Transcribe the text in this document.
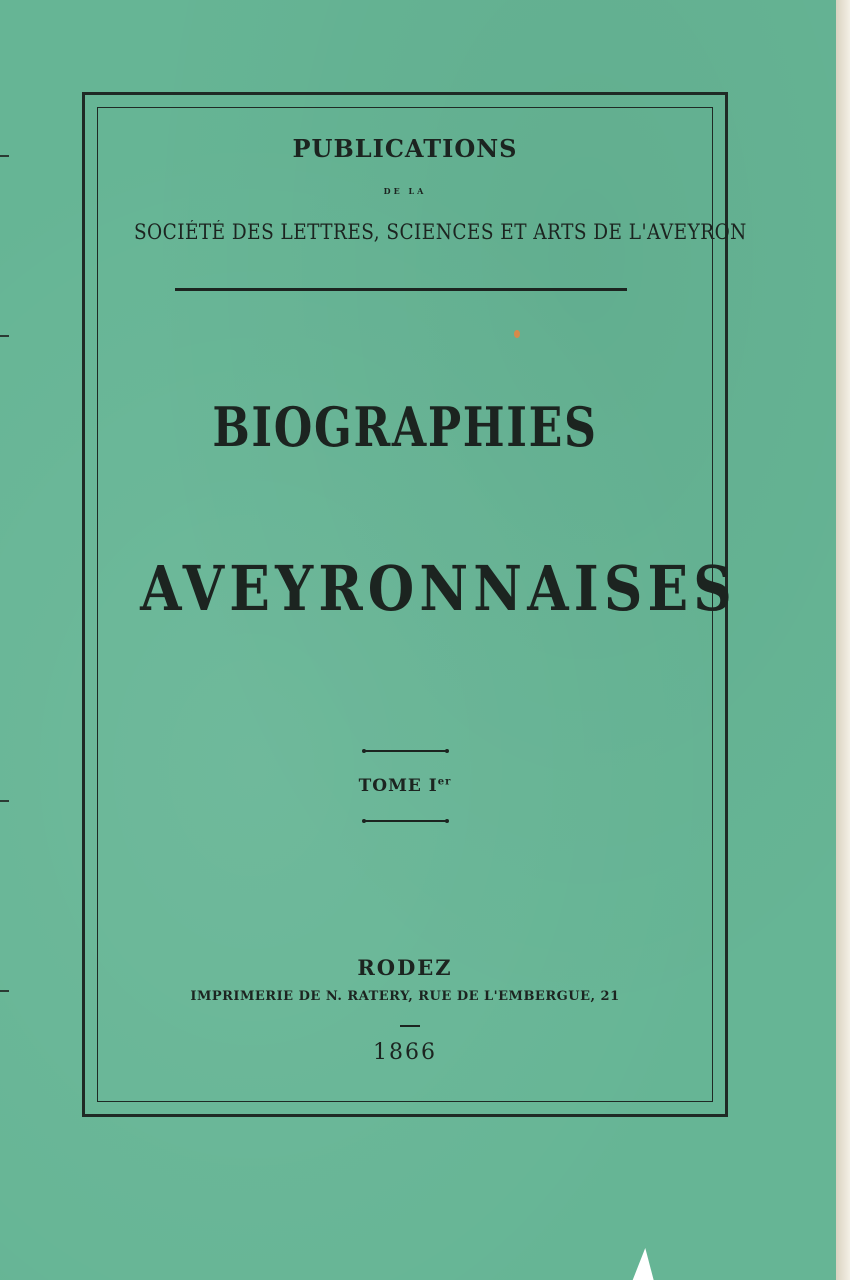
PUBLICATIONS
DE LA
SOCIÉTÉ DES LETTRES, SCIENCES ET ARTS DE L'AVEYRON
BIOGRAPHIES
AVEYRONNAISES
TOME Ier
RODEZ
IMPRIMERIE DE N. RATERY, RUE DE L'EMBERGUE, 21
1866
